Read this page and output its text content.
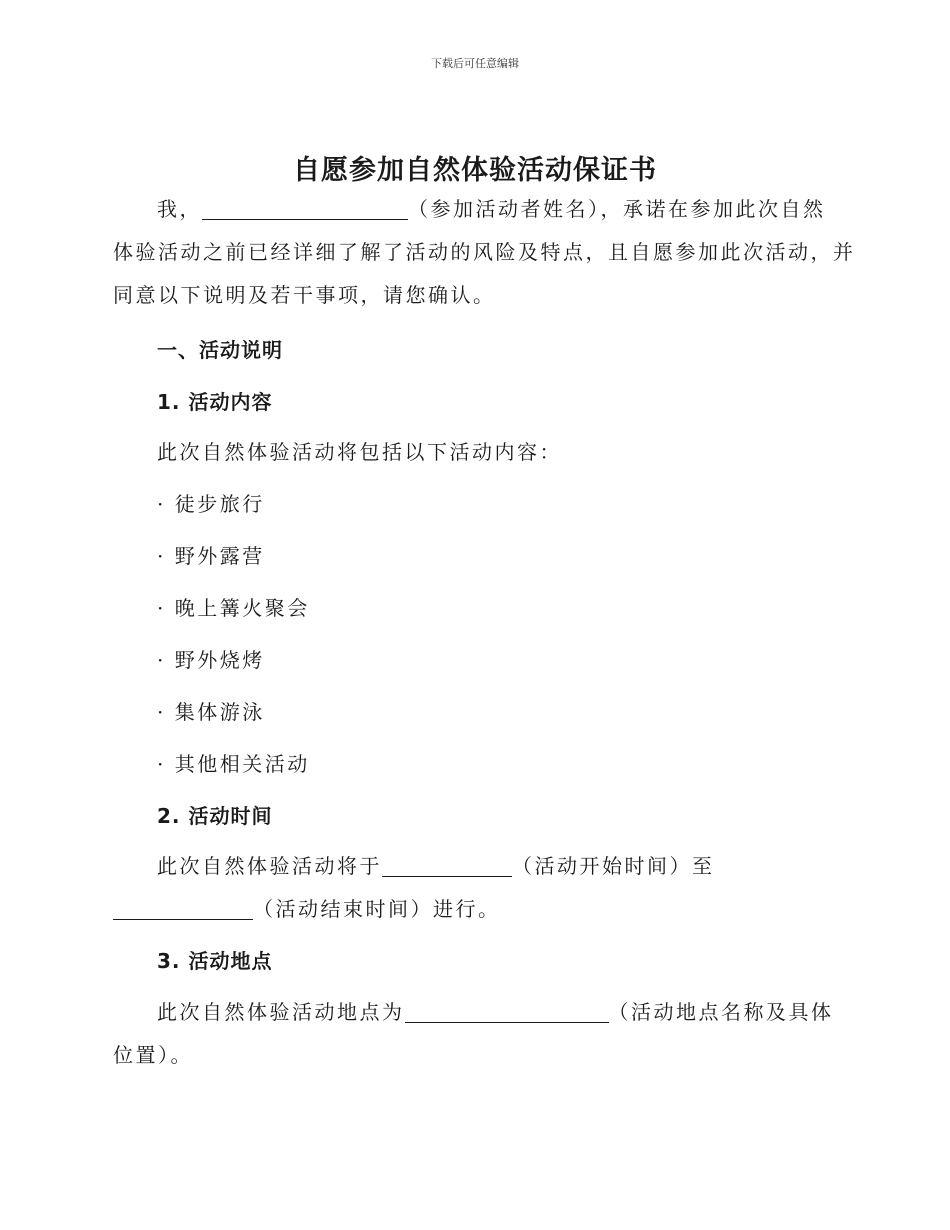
下载后可任意编辑
自愿参加自然体验活动保证书
我，	（参加活动者姓名），承诺在参加此次自然
体验活动之前已经详细了解了活动的风险及特点，且自愿参加此次活动，并
同意以下说明及若干事项，请您确认。
一、活动说明
1. 活动内容
此次自然体验活动将包括以下活动内容：
· 徒步旅行
· 野外露营
· 晚上篝火聚会
· 野外烧烤
· 集体游泳
· 其他相关活动
2. 活动时间
此次自然体验活动将于	（活动开始时间）至
（活动结束时间）进行。
3. 活动地点
此次自然体验活动地点为	（活动地点名称及具体
位置）。
